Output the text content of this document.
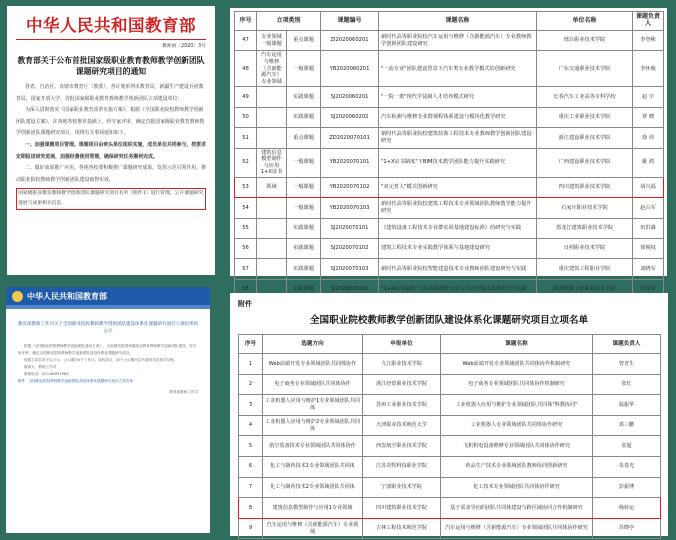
中华人民共和国教育部
教师函〔2020〕3号
教育部关于公布首批国家级职业教育教师教学创新团队课题研究项目的通知
各省、自治区、直辖市教育厅（教委），各计划单列市教育局，新疆生产建设兵团教育局，国家开放大学，首批国家级职业教育教师教学创新团队立项建设单位：
为深入贯彻落实《国家职业教育改革实施方案》，根据《全国职业院校教师教学创新团队建设方案》，在各地各校推荐基础上，经专家评审，确定首批国家级职业教育教师教学创新团队课题研究项目，现将有关事项通知如下。
一、加强课题项目管理。课题项目由牵头单位组织实施，成员单位共同参与，按要求定期报送研究进展，加强经费使用管理，确保研究任务顺利完成。
二、做好成果推广应用。各地各校要积极推广课题研究成果，发挥示范引领作用，推动职业院校教师教学创新团队建设取得实效。
国家级职业教育教师教学创新团队课题研究项目名单（附件1）进行管理。公开课题研究进展与成果相关信息。
序号	立项类别		课题编号	课题名称	单位名称	课题负责人
47	专业领域一般课题	重点课题	ZI2020060201	新时代高等职业院校汽车运用与维修（含新能源汽车）专业教师教学创新团队建设研究	邢台职业技术学院	李登彬
48	汽车运用与维修（含新能源汽车）专业领域	一般课题	YB2020060201	"一流专业"团队建设背景下汽车类专业教学模式的创新研究	广东交通职业技术学院	李怀俊
49		实践课题	SJ2020060201	"一院一策"现代学徒制人才培养模式研究	长春汽车工业高等专科学校	赵 宇
50		实践课题	SJ2020060202	汽车检测与维修专业群课程体系建设与模块化教学研究	重庆工业职业技术学院	覃 晓
51		重点课题	ZD2020070101	新时代高等职业院校建筑装饰工程技术专业教师教学创新团队建设研究	浙江建设职业技术学院	徐 伟
52	建筑信息模型制作与应用1+X证书	一般课题	YB2020070101	"1+X证书制度"下BIM技术教学团队能力提升实践研究	广西建设职业技术学院	姚 鸿
53	领域	一般课题	YB2020070102	"双元育人"模式创新研究	四川建筑职业技术学院	胡兴福
54		一般课题	YB2020070103	新时代高等职业院校建筑工程技术专业领域团队教师教学能力提升研究	石家庄职业技术学院	赵占军
55		实践课题	SJ2020070101	《建筑设备工程技术专业群实训基地建设标准》的研究与实践	黑龙江建筑职业技术学院	田洪森
56		实践课题	SJ2020070102	建筑工程技术专业实践教学体系与基地建设研究	日照职业技术学院	徐锡权
57		实践课题	SJ2020070103	新时代高等职业院校智能建造技术专业教师团队建设研究与实践	重庆建筑工程职业学院	刘晓军
58		实践课题	SJ2020070201	"1+X证书制度"下的高职建筑专业人才培养模式改革研究与实践	陕西铁路工程职业技术学院	李林军
中华人民共和国教育部
教育部教师工作司关于全国职业院校教师教学创新团队建设体系化课题研究项目立项结果的公示
根据《全国职业院校教师教学创新团队建设方案》，为加强首批国家级职业教育教师教学创新团队建设，经专家评审，确定全国职业院校教师教学创新团队建设体系化课题研究项目。
现将立项名单予以公示，公示期为5个工作日。如有异议，请于公示期内以书面形式向我司反映。
联系人：教师工作司
联系电话：010-66097963
附件：全国职业院校教师教学创新团队建设体系化课题研究项目立项名单
教育部教师工作司
附件
全国职业院校教师教学创新团队建设体系化课题研究项目立项名单
序号	选题方向	申报单位	课题名称	课题负责人
1	Web前端开发专业领域团队共同体协作	九江职业技术学院	Web前端开发专业领域团队共同体协作机制研究	曾青生
2	电子商务专业领域团队共同体协作	浙江经贸职业技术学院	电子商务专业领域团队共同体协作机制研究	张红
3	工业机器人应用与维护1专业领域团队共同体	苏州工业职业技术学院	工业机器人应用与维护专业领域团队共同体"科教协同"	温振华
4	工业机器人应用与维护2专业领域团队共同体	天津职业技术师范大学	工业机器人专业领域团队共同体协作研究	邓三鹏
5	航空装备技术专业领域团队共同体协作	西安航空职业技术学院	飞机机电设备维修专业领域团队共同体协作研究	张超
6	化工与制药技术1专业领域团队共同体	江苏农牧科技职业学院	药品生产技术专业领域团队教师协同创新研究	朱春光
7	化工与制药技术2专业领域团队共同体	宁波职业技术学院	化工技术专业领域团队共同体协作研究	彭振博
8	建筑信息模型制作与应用1专业领域	四川建筑职业技术学院	基于需求导向的团队共同体建设与跨区域协同合作机制研究	杨转运
9	汽车运用与维修（含新能源汽车）专业领域	吉林工程技术师范学院	汽车运用与维修（含新能源汽车）专业领域团队共同体协作研究	苏晓亭
